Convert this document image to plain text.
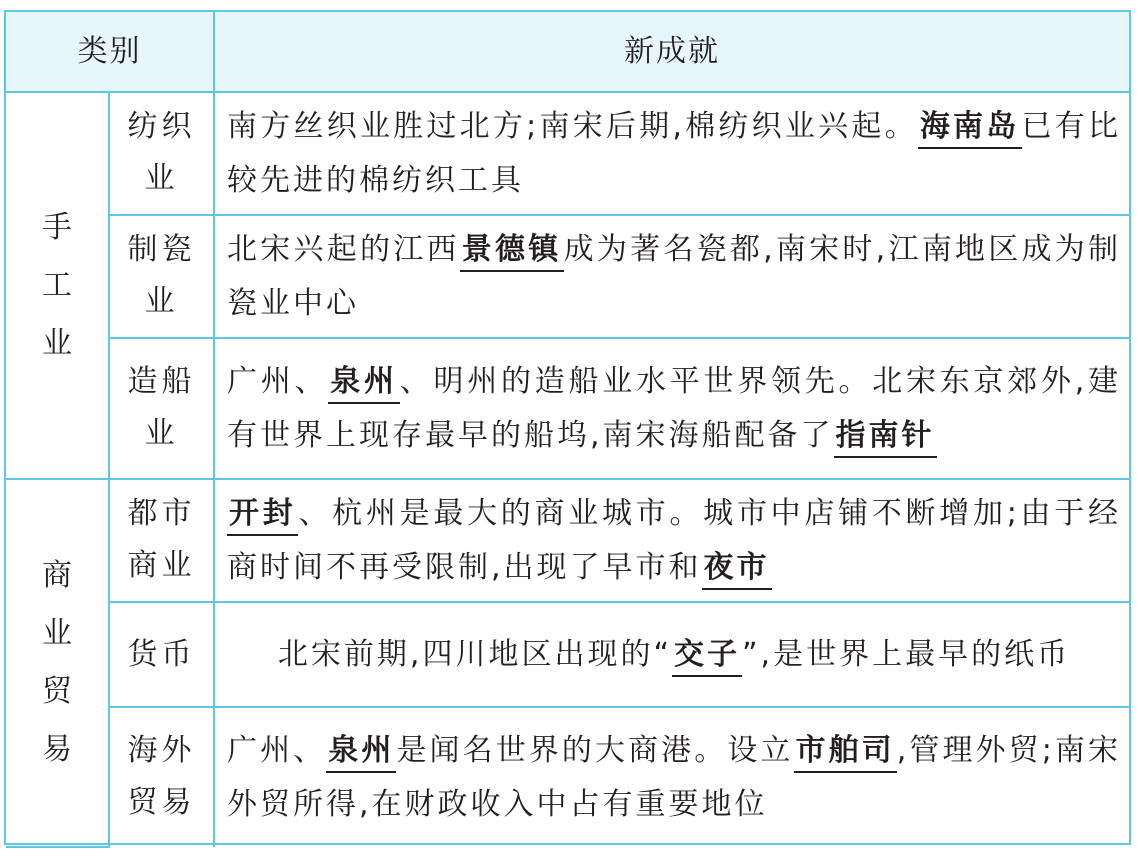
类别		新成就

手
工
业	纺织业	南方丝织业胜过北方;南宋后期,棉纺织业兴起。海南岛已有比较先进的棉纺织工具
	制瓷业	北宋兴起的江西景德镇成为著名瓷都,南宋时,江南地区成为制瓷业中心
	造船业	广州、泉州、明州的造船业水平世界领先。北宋东京郊外,建有世界上现存最早的船坞,南宋海船配备了指南针

商
业
贸
易	都市商业	开封、杭州是最大的商业城市。城市中店铺不断增加;由于经商时间不再受限制,出现了早市和夜市
	货币	北宋前期,四川地区出现的“交子”,是世界上最早的纸币
	海外贸易	广州、泉州是闻名世界的大商港。设立市舶司,管理外贸;南宋外贸所得,在财政收入中占有重要地位
